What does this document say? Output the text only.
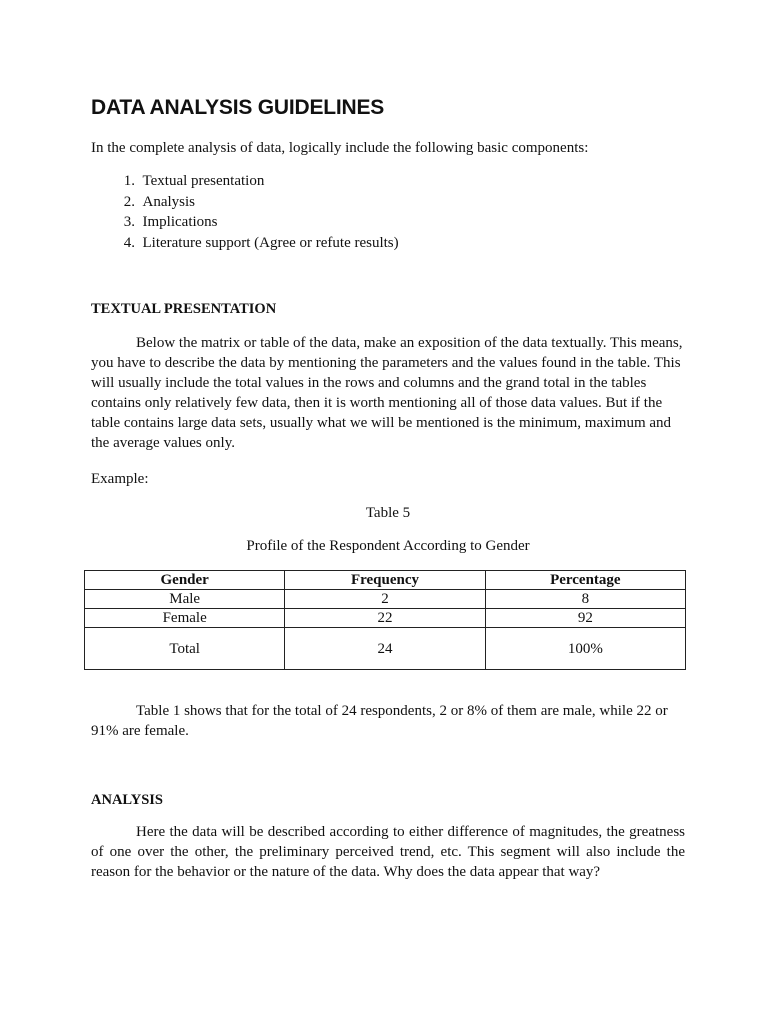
DATA ANALYSIS GUIDELINES
In the complete analysis of data, logically include the following basic components:
1. Textual presentation
2. Analysis
3. Implications
4. Literature support (Agree or refute results)
TEXTUAL PRESENTATION

Below the matrix or table of the data, make an exposition of the data textually. This means, you have to describe the data by mentioning the parameters and the values found in the table. This will usually include the total values in the rows and columns and the grand total in the tables contains only relatively few data, then it is worth mentioning all of those data values. But if the table contains large data sets, usually what we will be mentioned is the minimum, maximum and the average values only.

Example:
Table 5
Profile of the Respondent According to Gender
Gender	Frequency	Percentage
Male	2	8
Female	22	92
Total	24	100%

Table 1 shows that for the total of 24 respondents, 2 or 8% of them are male, while 22 or 91% are female.

ANALYSIS

Here the data will be described according to either difference of magnitudes, the greatness of one over the other, the preliminary perceived trend, etc. This segment will also include the reason for the behavior or the nature of the data. Why does the data appear that way?
